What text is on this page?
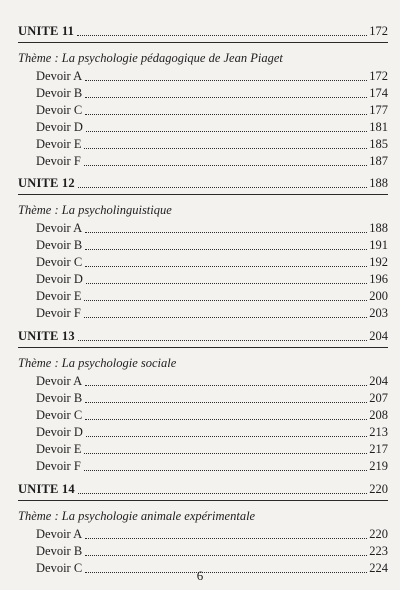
UNITE 11	172
Thème : La psychologie pédagogique de Jean Piaget
Devoir A	172
Devoir B	174
Devoir C	177
Devoir D	181
Devoir E	185
Devoir F	187
UNITE 12	188
Thème : La psycholinguistique
Devoir A	188
Devoir B	191
Devoir C	192
Devoir D	196
Devoir E	200
Devoir F	203
UNITE 13	204
Thème : La psychologie sociale
Devoir A	204
Devoir B	207
Devoir C	208
Devoir D	213
Devoir E	217
Devoir F	219
UNITE 14	220
Thème : La psychologie animale expérimentale
Devoir A	220
Devoir B	223
Devoir C	224
6
